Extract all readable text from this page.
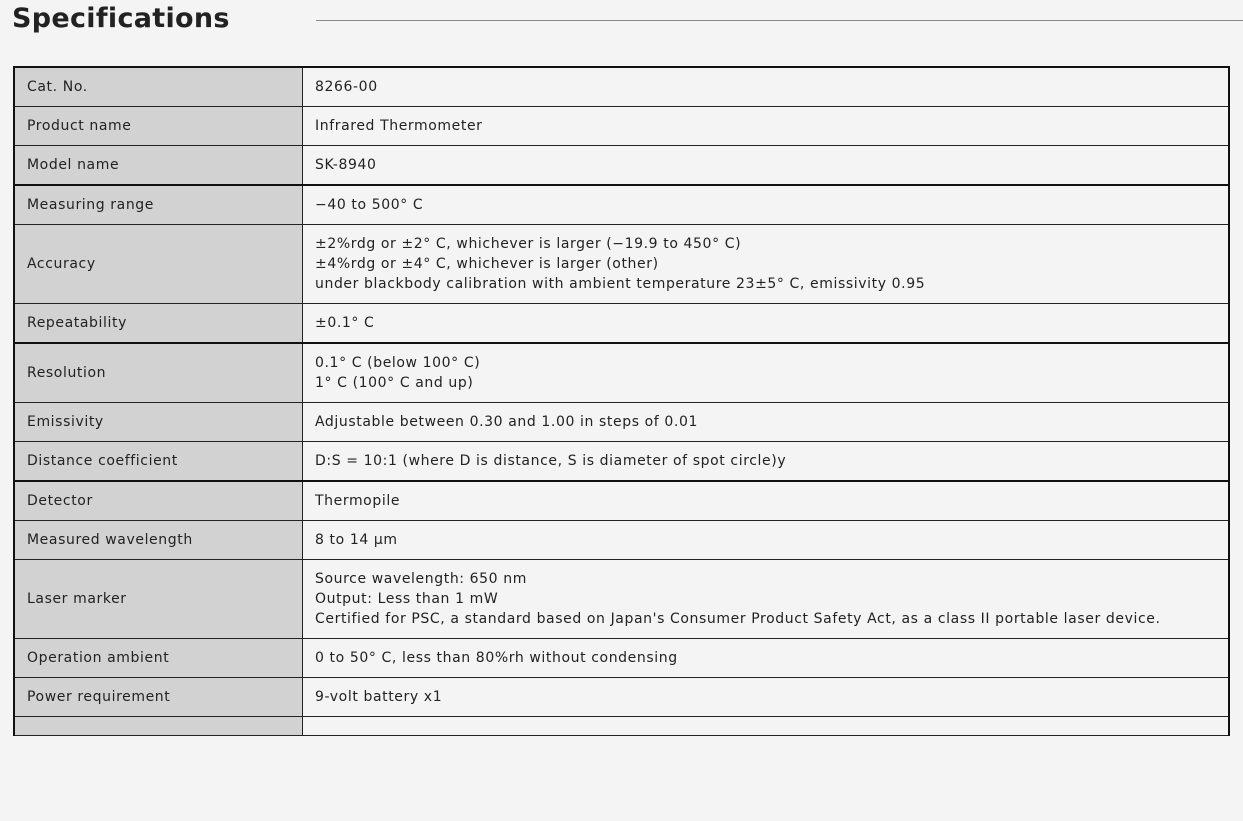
Specifications
Cat. No.	8266-00

Product name	Infrared Thermometer

Model name	SK-8940

Measuring range	−40 to 500° C

Accuracy	±2%rdg or ±2° C, whichever is larger (−19.9 to 450° C)
±4%rdg or ±4° C, whichever is larger (other)
under blackbody calibration with ambient temperature 23±5° C, emissivity 0.95

Repeatability	±0.1° C

Resolution	0.1° C (below 100° C)
1° C (100° C and up)

Emissivity	Adjustable between 0.30 and 1.00 in steps of 0.01

Distance coefficient	D:S = 10:1 (where D is distance, S is diameter of spot circle)y

Detector	Thermopile

Measured wavelength	8 to 14 μm

Laser marker	Source wavelength: 650 nm
Output: Less than 1 mW
Certified for PSC, a standard based on Japan's Consumer Product Safety Act, as a class II portable laser device.

Operation ambient	0 to 50° C, less than 80%rh without condensing

Power requirement	9-volt battery x1
